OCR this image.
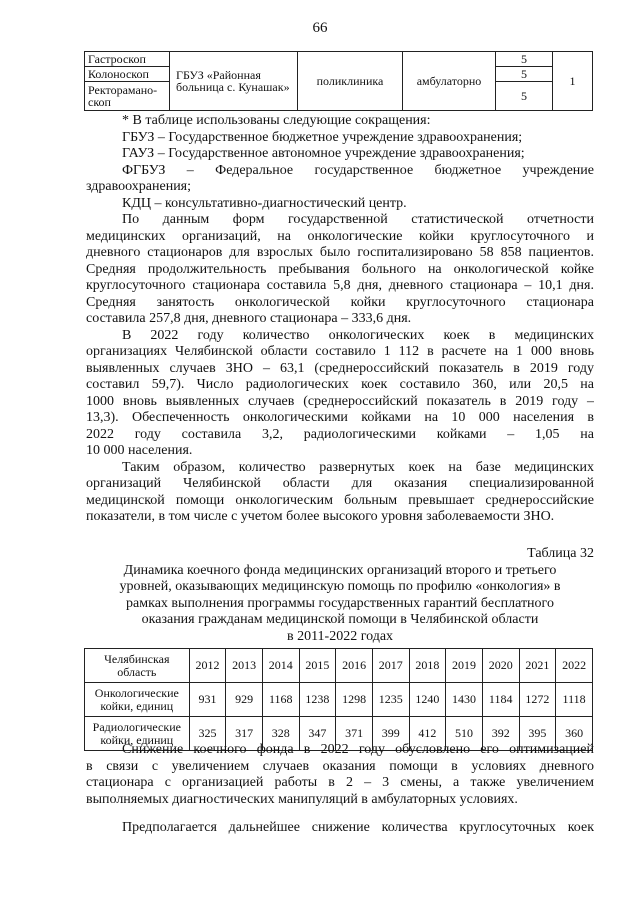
66
Гастроскоп	ГБУЗ «Районная
больница с. Кунашак»	поликлиника	амбулаторно	5	1
Колоноскоп				5	

Ректорамано-
скоп				5	
* В таблице использованы следующие сокращения:
ГБУЗ – Государственное бюджетное учреждение здравоохранения;
ГАУЗ – Государственное автономное учреждение здравоохранения;
ФГБУЗ – Федеральное государственное бюджетное учреждение
здравоохранения;
КДЦ – консультативно-диагностический центр.
По данным форм государственной статистической отчетности
медицинских организаций, на онкологические койки круглосуточного и
дневного стационаров для взрослых было госпитализировано 58 858 пациентов.
Средняя продолжительность пребывания больного на онкологической койке
круглосуточного стационара составила 5,8 дня, дневного стационара – 10,1 дня.
Средняя занятость онкологической койки круглосуточного стационара
составила 257,8 дня, дневного стационара – 333,6 дня.
В 2022 году количество онкологических коек в медицинских
организациях Челябинской области составило 1 112 в расчете на 1 000 вновь
выявленных случаев ЗНО – 63,1 (среднероссийский показатель в 2019 году
составил 59,7). Число радиологических коек составило 360, или 20,5 на
1000 вновь выявленных случаев (среднероссийский показатель в 2019 году –
13,3). Обеспеченность онкологическими койками на 10 000 населения в
2022 году составила 3,2, радиологическими койками – 1,05 на
10 000 населения.
Таким образом, количество развернутых коек на базе медицинских
организаций Челябинской области для оказания специализированной
медицинской помощи онкологическим больным превышает среднероссийские
показатели, в том числе с учетом более высокого уровня заболеваемости ЗНО.
Таблица 32
Динамика коечного фонда медицинских организаций второго и третьего
уровней, оказывающих медицинскую помощь по профилю «онкология» в
рамках выполнения программы государственных гарантий бесплатного
оказания гражданам медицинской помощи в Челябинской области
в 2011-2022 годах
Челябинская
область	2012	2013	2014	2015	2016	2017	2018	2019	2020	2021	2022

Онкологические
койки, единиц	931	929	1168	1238	1298	1235	1240	1430	1184	1272	1118

Радиологические
койки, единиц	325	317	328	347	371	399	412	510	392	395	360
Снижение коечного фонда в 2022 году обусловлено его оптимизацией
в связи с увеличением случаев оказания помощи в условиях дневного
стационара с организацией работы в 2 – 3 смены, а также увеличением
выполняемых диагностических манипуляций в амбулаторных условиях.
Предполагается дальнейшее снижение количества круглосуточных коек
